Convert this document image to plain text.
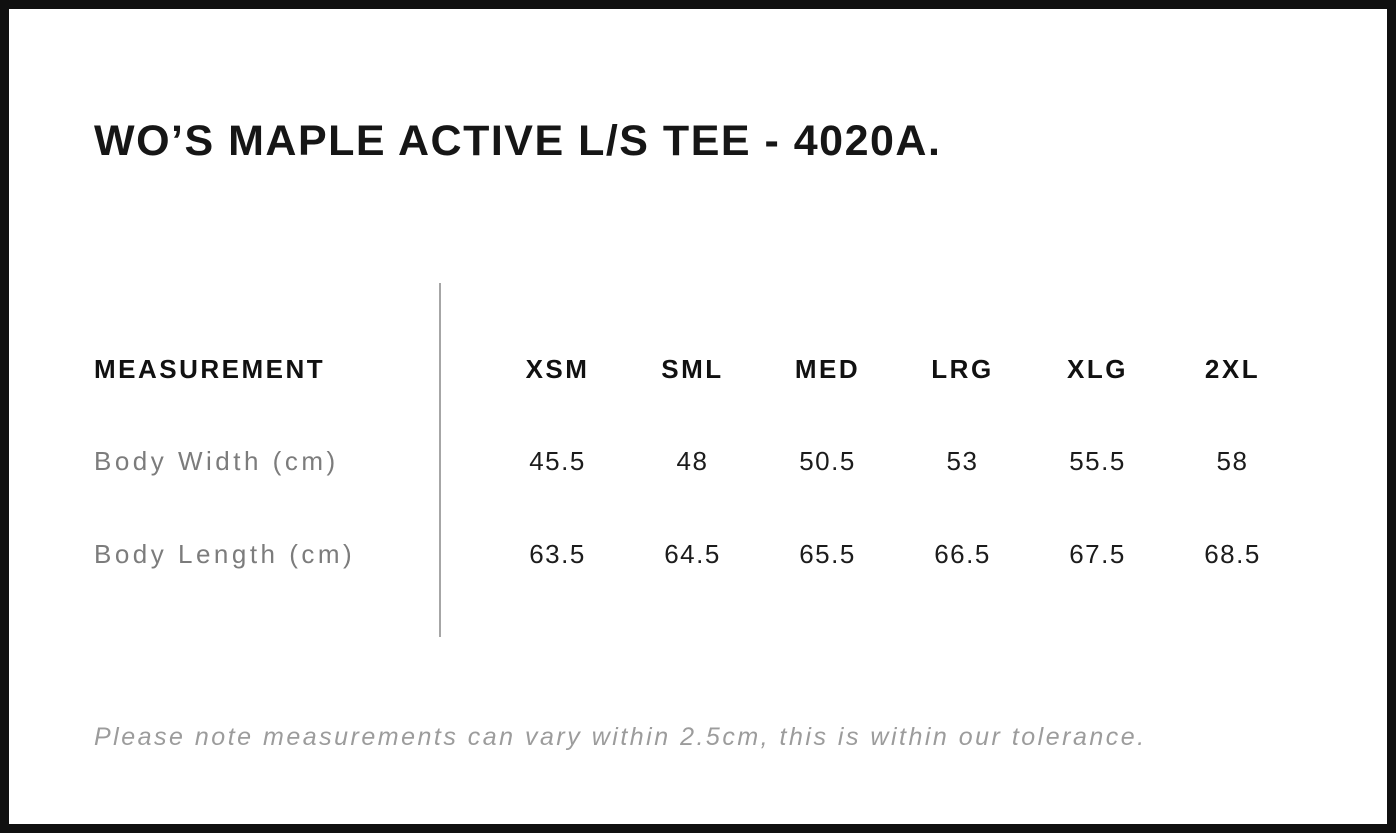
WO’S MAPLE ACTIVE L/S TEE - 4020A.
MEASUREMENT	XSM	SML	MED	LRG	XLG	2XL
Body Width (cm)	45.5	48	50.5	53	55.5	58
Body Length (cm)	63.5	64.5	65.5	66.5	67.5	68.5
Please note measurements can vary within 2.5cm, this is within our tolerance.
